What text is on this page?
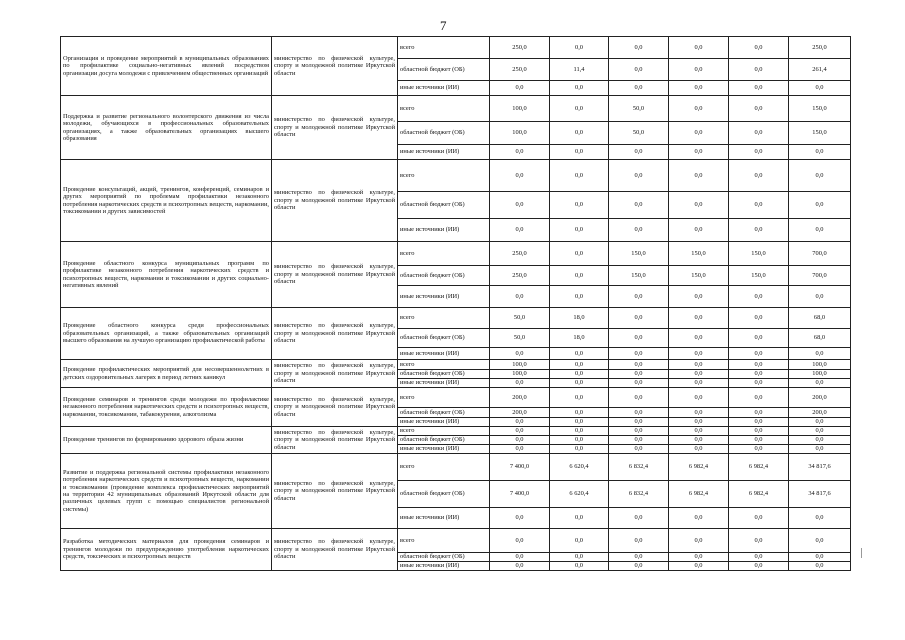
7
Организация и проведение мероприятий в муниципальных образованиях по профилактике социально-негативных явлений посредством организации досуга молодежи с привлечением общественных организаций	министерство по физической культуре, спорту и молодежной политике Иркутской области	всего	250,0	0,0	0,0	0,0	0,0	250,0
		областной бюджет (ОБ)	250,0	11,4	0,0	0,0	0,0	261,4
		иные источники (ИИ)	0,0	0,0	0,0	0,0	0,0	0,0
Поддержка и развитие регионального волонтерского движения из числа молодежи, обучающихся в профессиональных образовательных организациях, а также образовательных организациях высшего образования	министерство по физической культуре, спорту и молодежной политике Иркутской области	всего	100,0	0,0	50,0	0,0	0,0	150,0
		областной бюджет (ОБ)	100,0	0,0	50,0	0,0	0,0	150,0
		иные источники (ИИ)	0,0	0,0	0,0	0,0	0,0	0,0
Проведение консультаций, акций, тренингов, конференций, семинаров и других мероприятий по проблемам профилактики незаконного потребления наркотических средств и психотропных веществ, наркомании, токсикомании и других зависимостей	министерство по физической культуре, спорту и молодежной политике Иркутской области	всего	0,0	0,0	0,0	0,0	0,0	0,0
		областной бюджет (ОБ)	0,0	0,0	0,0	0,0	0,0	0,0
		иные источники (ИИ)	0,0	0,0	0,0	0,0	0,0	0,0
Проведение областного конкурса муниципальных программ по профилактике незаконного потребления наркотических средств и психотропных веществ, наркомании и токсикомании и других социально-негативных явлений	министерство по физической культуре, спорту и молодежной политике Иркутской области	всего	250,0	0,0	150,0	150,0	150,0	700,0
		областной бюджет (ОБ)	250,0	0,0	150,0	150,0	150,0	700,0
		иные источники (ИИ)	0,0	0,0	0,0	0,0	0,0	0,0
Проведение областного конкурса среди профессиональных образовательных организаций, а также образовательных организаций высшего образования на лучшую организацию профилактической работы	министерство по физической культуре, спорту и молодежной политике Иркутской области	всего	50,0	18,0	0,0	0,0	0,0	68,0
		областной бюджет (ОБ)	50,0	18,0	0,0	0,0	0,0	68,0
		иные источники (ИИ)	0,0	0,0	0,0	0,0	0,0	0,0
Проведение профилактических мероприятий для несовершеннолетних в детских оздоровительных лагерях в период летних каникул	министерство по физической культуре, спорту и молодежной политике Иркутской области	всего	100,0	0,0	0,0	0,0	0,0	100,0
		областной бюджет (ОБ)	100,0	0,0	0,0	0,0	0,0	100,0
		иные источники (ИИ)	0,0	0,0	0,0	0,0	0,0	0,0
Проведение семинаров и тренингов среди молодежи по профилактике незаконного потребления наркотических средств и психотропных веществ, наркомании, токсикомании, табакокурения, алкоголизма	министерство по физической культуре, спорту и молодежной политике Иркутской области	всего	200,0	0,0	0,0	0,0	0,0	200,0
		областной бюджет (ОБ)	200,0	0,0	0,0	0,0	0,0	200,0
		иные источники (ИИ)	0,0	0,0	0,0	0,0	0,0	0,0
Проведение тренингов по формированию здорового образа жизни	министерство по физической культуре, спорту и молодежной политике Иркутской области	всего	0,0	0,0	0,0	0,0	0,0	0,0
		областной бюджет (ОБ)	0,0	0,0	0,0	0,0	0,0	0,0
		иные источники (ИИ)	0,0	0,0	0,0	0,0	0,0	0,0
Развитие и поддержка региональной системы профилактики незаконного потребления наркотических средств и психотропных веществ, наркомании и токсикомании (проведение комплекса профилактических мероприятий на территории 42 муниципальных образований Иркутской области для различных целевых групп с помощью специалистов региональной системы)	министерство по физической культуре, спорту и молодежной политике Иркутской области	всего	7 400,0	6 620,4	6 832,4	6 982,4	6 982,4	34 817,6
		областной бюджет (ОБ)	7 400,0	6 620,4	6 832,4	6 982,4	6 982,4	34 817,6
		иные источники (ИИ)	0,0	0,0	0,0	0,0	0,0	0,0
Разработка методических материалов для проведения семинаров и тренингов молодежи по предупреждению употребления наркотических средств, токсических и психотропных веществ	министерство по физической культуре, спорту и молодежной политике Иркутской области	всего	0,0	0,0	0,0	0,0	0,0	0,0
		областной бюджет (ОБ)	0,0	0,0	0,0	0,0	0,0	0,0
		иные источники (ИИ)	0,0	0,0	0,0	0,0	0,0	0,0
